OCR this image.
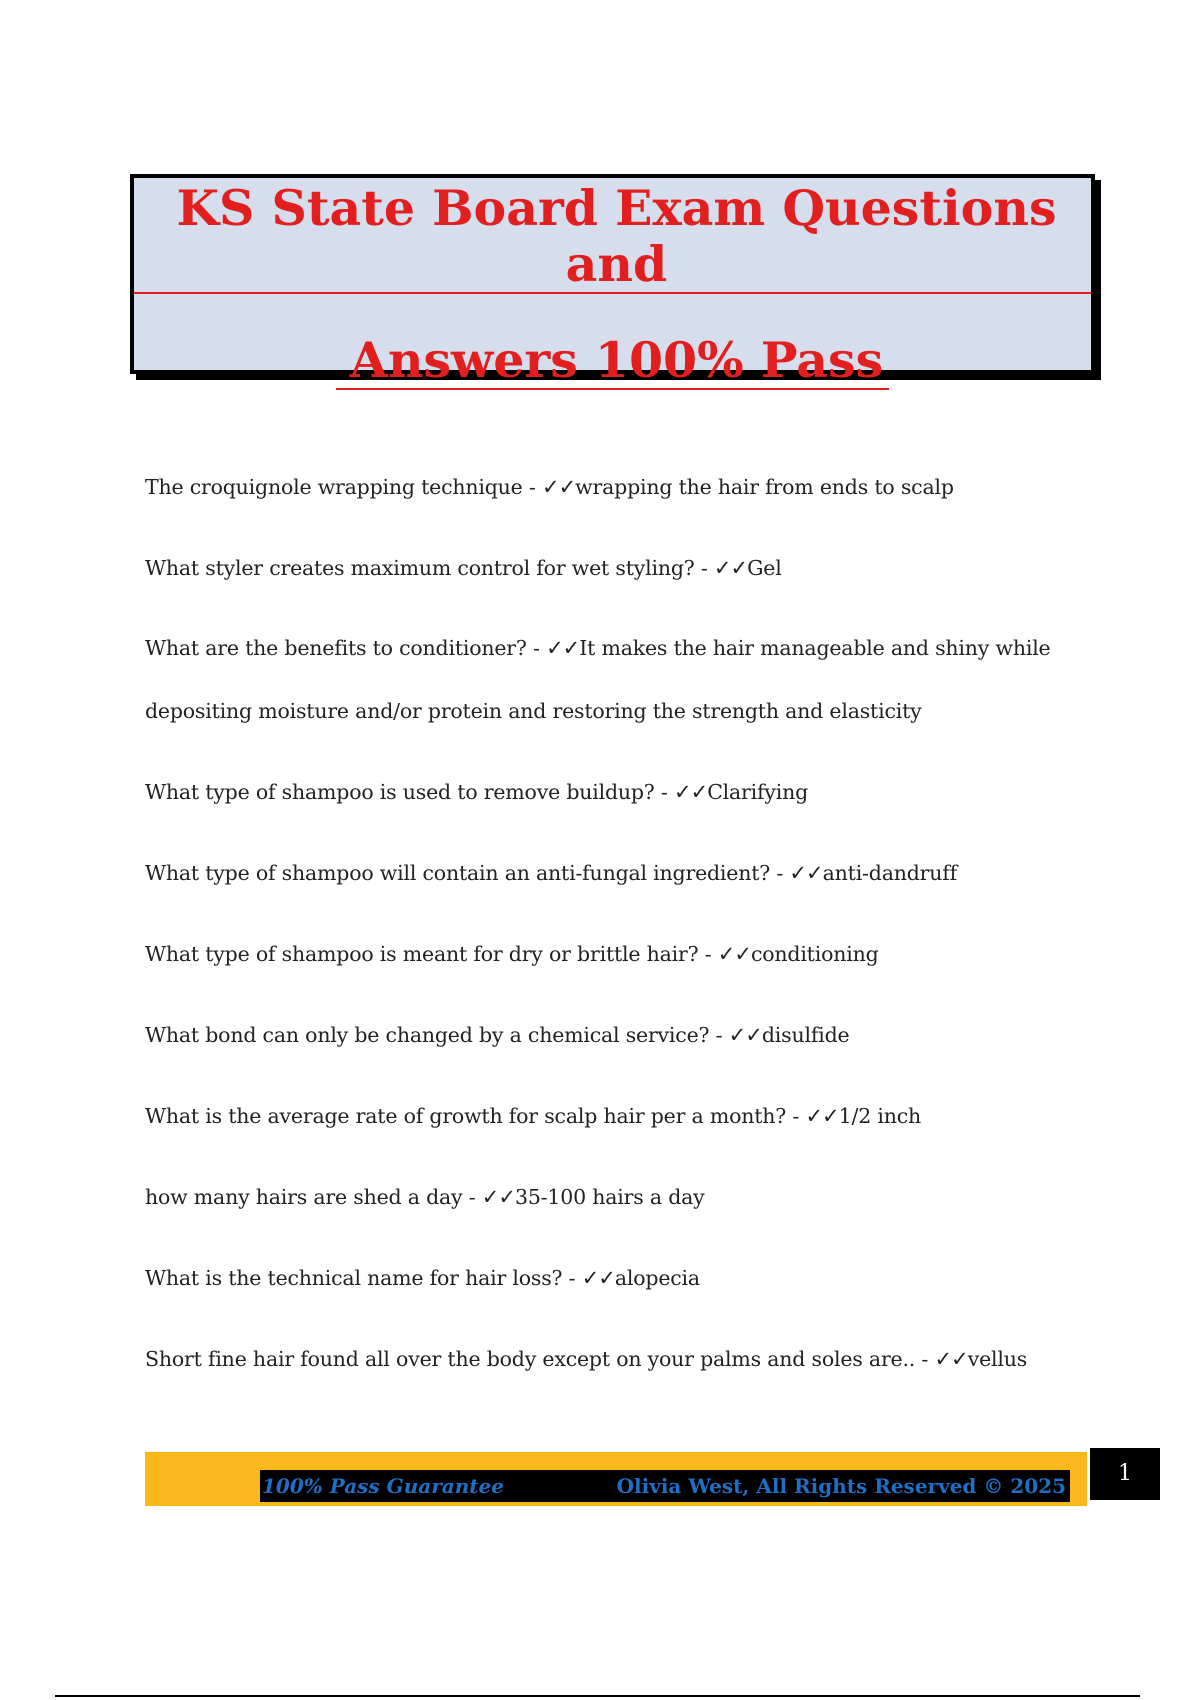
KS State Board Exam Questions and
Answers 100% Pass
The croquignole wrapping technique - ✓✓wrapping the hair from ends to scalp
What styler creates maximum control for wet styling? - ✓✓Gel
What are the benefits to conditioner? - ✓✓It makes the hair manageable and shiny while depositing moisture and/or protein and restoring the strength and elasticity
What type of shampoo is used to remove buildup? - ✓✓Clarifying
What type of shampoo will contain an anti-fungal ingredient? - ✓✓anti-dandruff
What type of shampoo is meant for dry or brittle hair? - ✓✓conditioning
What bond can only be changed by a chemical service? - ✓✓disulfide
What is the average rate of growth for scalp hair per a month? - ✓✓1/2 inch
how many hairs are shed a day - ✓✓35-100 hairs a day
What is the technical name for hair loss? - ✓✓alopecia
Short fine hair found all over the body except on your palms and soles are.. - ✓✓vellus
100% Pass Guarantee	Olivia West, All Rights Reserved © 2025	1
